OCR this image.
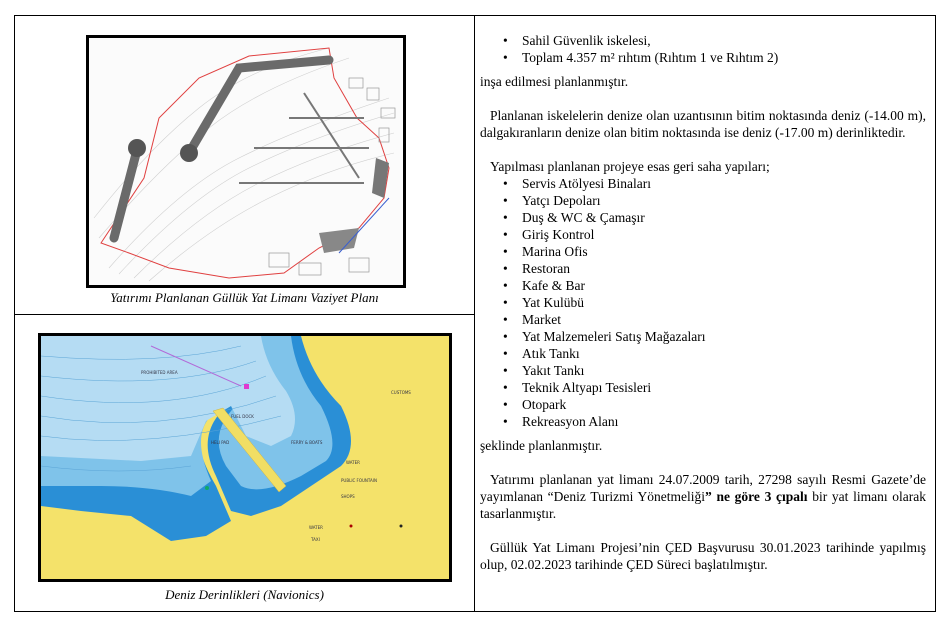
Yatırımı Planlanan Güllük Yat Limanı Vaziyet Planı
PROHIBITED AREA
FUEL DOCK
HELI PAD	FERRY & BOATS
WATER
PUBLIC FOUNTAIN
SHOPS
CUSTOMS
WATER
TAXI
Deniz Derinlikleri (Navionics)
• Sahil Güvenlik iskelesi,
• Toplam 4.357 m² rıhtım (Rıhtım 1 ve Rıhtım 2)

inşa edilmesi planlanmıştır.

Planlanan iskelelerin denize olan uzantısının bitim noktasında deniz (-14.00 m), dalgakıranların denize olan bitim noktasında ise deniz (-17.00 m) derinliktedir.

Yapılması planlanan projeye esas geri saha yapıları;

• Servis Atölyesi Binaları
• Yatçı Depoları
• Duş & WC & Çamaşır
• Giriş Kontrol
• Marina Ofis
• Restoran
• Kafe & Bar
• Yat Kulübü
• Market
• Yat Malzemeleri Satış Mağazaları
• Atık Tankı
• Yakıt Tankı
• Teknik Altyapı Tesisleri
• Otopark
• Rekreasyon Alanı

şeklinde planlanmıştır.

Yatırımı planlanan yat limanı 24.07.2009 tarih, 27298 sayılı Resmi Gazete’de yayımlanan “Deniz Turizmi Yönetmeliği” ne göre 3 çıpalı bir yat limanı olarak tasarlanmıştır.

Güllük Yat Limanı Projesi’nin ÇED Başvurusu 30.01.2023 tarihinde yapılmış olup, 02.02.2023 tarihinde ÇED Süreci başlatılmıştır.
